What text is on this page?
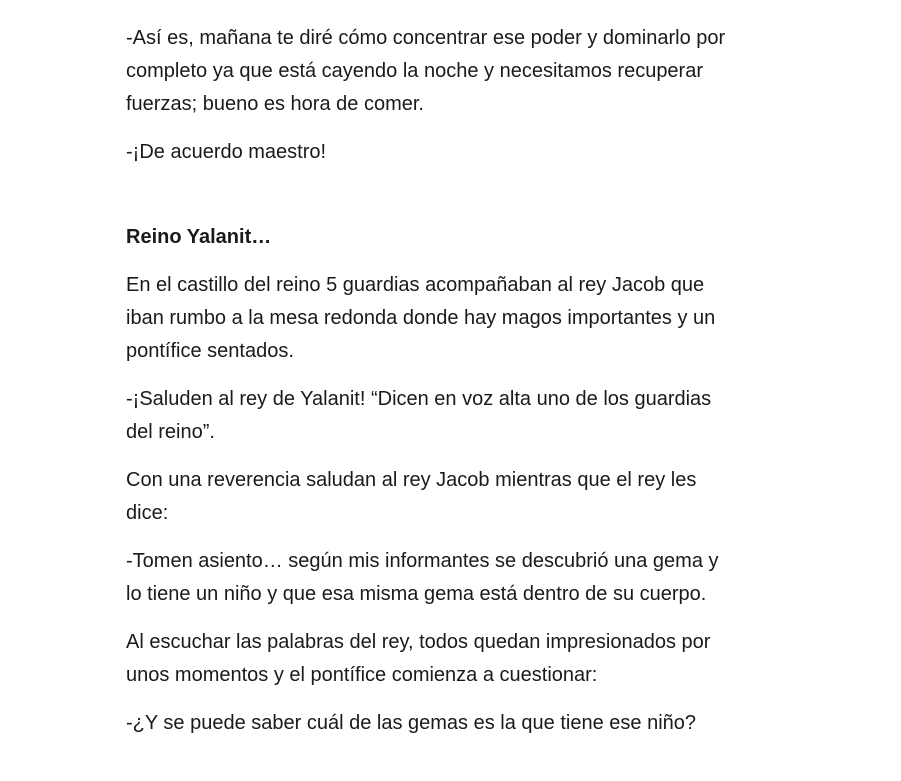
-Así es, mañana te diré cómo concentrar ese poder y dominarlo por
completo ya que está cayendo la noche y necesitamos recuperar
fuerzas; bueno es hora de comer.

-¡De acuerdo maestro!

Reino Yalanit…

En el castillo del reino 5 guardias acompañaban al rey Jacob que
iban rumbo a la mesa redonda donde hay magos importantes y un
pontífice sentados.

-¡Saluden al rey de Yalanit! “Dicen en voz alta uno de los guardias
del reino”.

Con una reverencia saludan al rey Jacob mientras que el rey les
dice:

-Tomen asiento… según mis informantes se descubrió una gema y
lo tiene un niño y que esa misma gema está dentro de su cuerpo.

Al escuchar las palabras del rey, todos quedan impresionados por
unos momentos y el pontífice comienza a cuestionar:

-¿Y se puede saber cuál de las gemas es la que tiene ese niño?
